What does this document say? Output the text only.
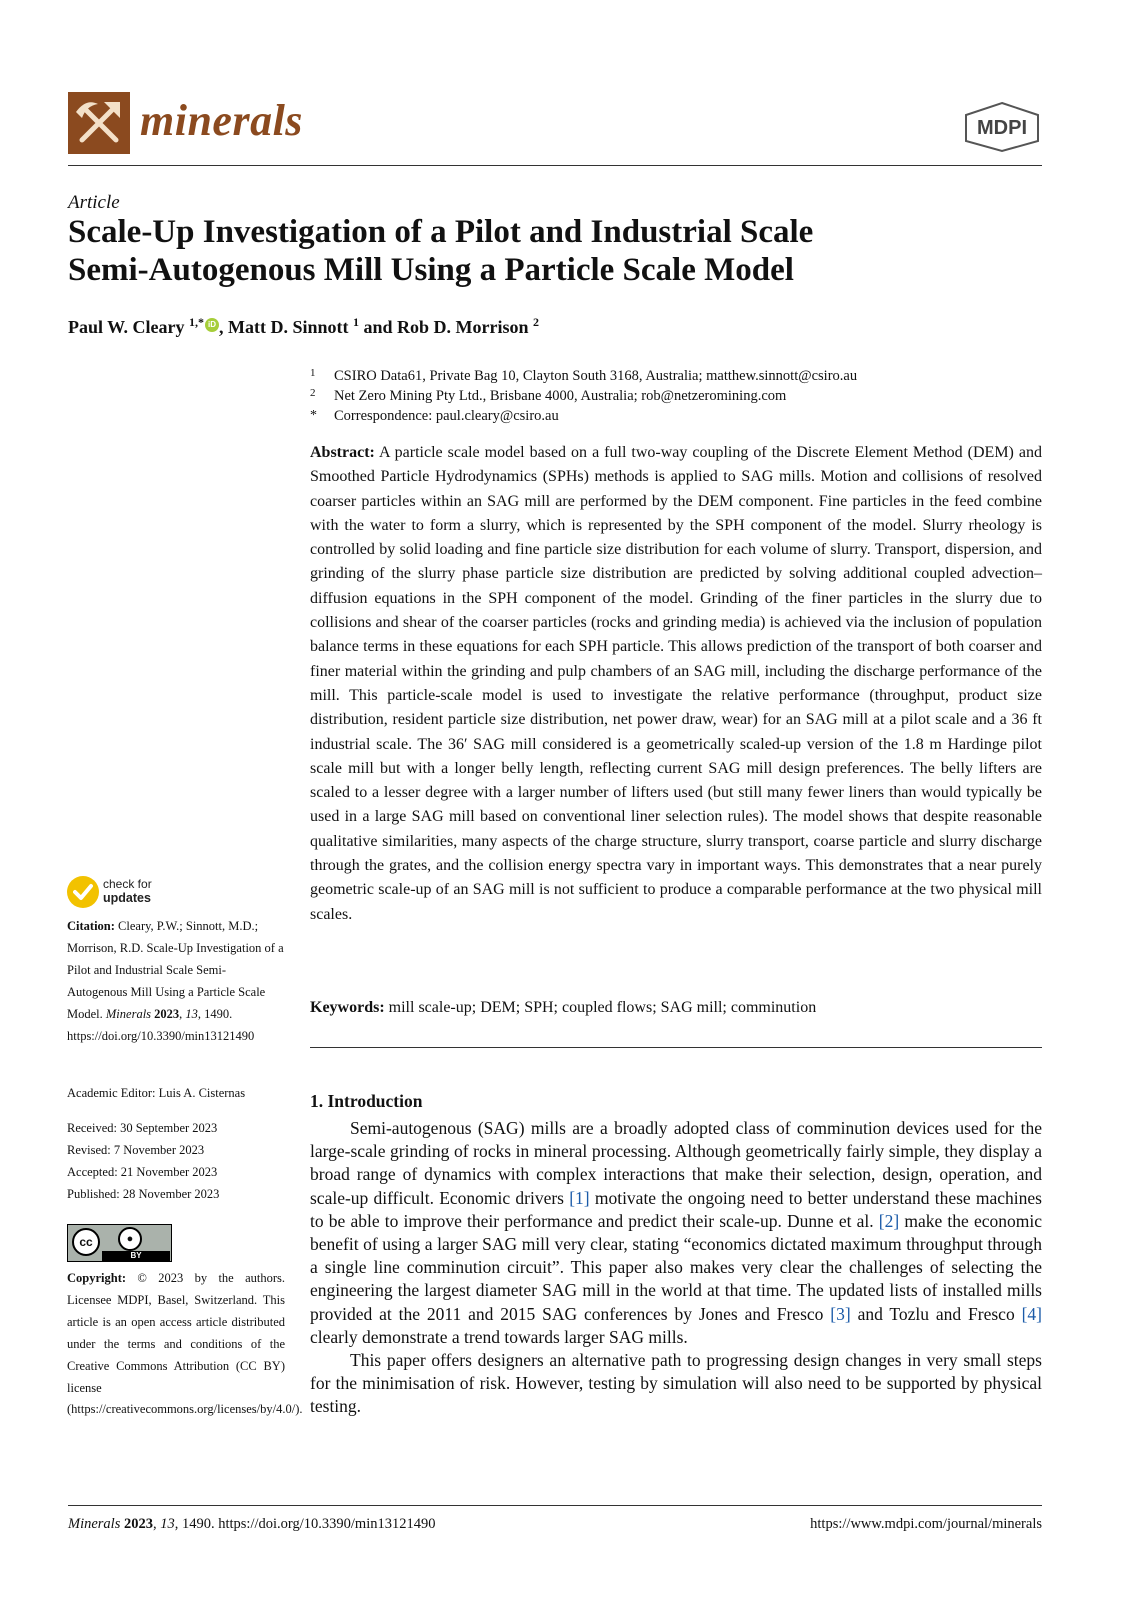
minerals	MDPI
Article
Scale-Up Investigation of a Pilot and Industrial Scale
Semi-Autogenous Mill Using a Particle Scale Model
Paul W. Cleary $^{1,*}$ iD , Matt D. Sinnott $^1$ and Rob D. Morrison $^2$
1 CSIRO Data61, Private Bag 10, Clayton South 3168, Australia; matthew.sinnott@csiro.au
2 Net Zero Mining Pty Ltd., Brisbane 4000, Australia; rob@netzeromining.com
* Correspondence: paul.cleary@csiro.au

Abstract: A particle scale model based on a full two-way coupling of the Discrete Element Method (DEM) and Smoothed Particle Hydrodynamics (SPHs) methods is applied to SAG mills. Motion and collisions of resolved coarser particles within an SAG mill are performed by the DEM component. Fine particles in the feed combine with the water to form a slurry, which is represented by the SPH component of the model. Slurry rheology is controlled by solid loading and fine particle size distribution for each volume of slurry. Transport, dispersion, and grinding of the slurry phase particle size distribution are predicted by solving additional coupled advection–diffusion equations in the SPH component of the model. Grinding of the finer particles in the slurry due to collisions and shear of the coarser particles (rocks and grinding media) is achieved via the inclusion of population balance terms in these equations for each SPH particle. This allows prediction of the transport of both coarser and finer material within the grinding and pulp chambers of an SAG mill, including the discharge performance of the mill. This particle-scale model is used to investigate the relative performance (throughput, product size distribution, resident particle size distribution, net power draw, wear) for an SAG mill at a pilot scale and a 36 ft industrial scale. The 36′ SAG mill considered is a geometrically scaled-up version of the 1.8 m Hardinge pilot scale mill but with a longer belly length, reflecting current SAG mill design preferences. The belly lifters are scaled to a lesser degree with a larger number of lifters used (but still many fewer liners than would typically be used in a large SAG mill based on conventional liner selection rules). The model shows that despite reasonable qualitative similarities, many aspects of the charge structure, slurry transport, coarse particle and slurry discharge through the grates, and the collision energy spectra vary in important ways. This demonstrates that a near purely geometric scale-up of an SAG mill is not sufficient to produce a comparable performance at the two physical mill scales.

Keywords: mill scale-up; DEM; SPH; coupled flows; SAG mill; comminution
1. Introduction

Semi-autogenous (SAG) mills are a broadly adopted class of comminution devices used for the large-scale grinding of rocks in mineral processing. Although geometrically fairly simple, they display a broad range of dynamics with complex interactions that make their selection, design, operation, and scale-up difficult. Economic drivers [1] motivate the ongoing need to better understand these machines to be able to improve their performance and predict their scale-up. Dunne et al. [2] make the economic benefit of using a larger SAG mill very clear, stating “economics dictated maximum throughput through a single line comminution circuit”. This paper also makes very clear the challenges of selecting the engineering the largest diameter SAG mill in the world at that time. The updated lists of installed mills provided at the 2011 and 2015 SAG conferences by Jones and Fresco [3] and Tozlu and Fresco [4] clearly demonstrate a trend towards larger SAG mills.

This paper offers designers an alternative path to progressing design changes in very small steps for the minimisation of risk. However, testing by simulation will also need to be supported by physical testing.

check for
updates
Citation: Cleary, P.W.; Sinnott, M.D.; Morrison, R.D. Scale-Up Investigation of a Pilot and Industrial Scale Semi-Autogenous Mill Using a Particle Scale Model. Minerals 2023, 13, 1490. https://doi.org/10.3390/min13121490
Academic Editor: Luis A. Cisternas
Received: 30 September 2023
Revised: 7 November 2023
Accepted: 21 November 2023
Published: 28 November 2023
cc	●
BY
Copyright: © 2023 by the authors. Licensee MDPI, Basel, Switzerland. This article is an open access article distributed under the terms and conditions of the Creative Commons Attribution (CC BY) license (https://creativecommons.org/licenses/by/4.0/).
Minerals 2023, 13, 1490. https://doi.org/10.3390/min13121490	https://www.mdpi.com/journal/minerals
